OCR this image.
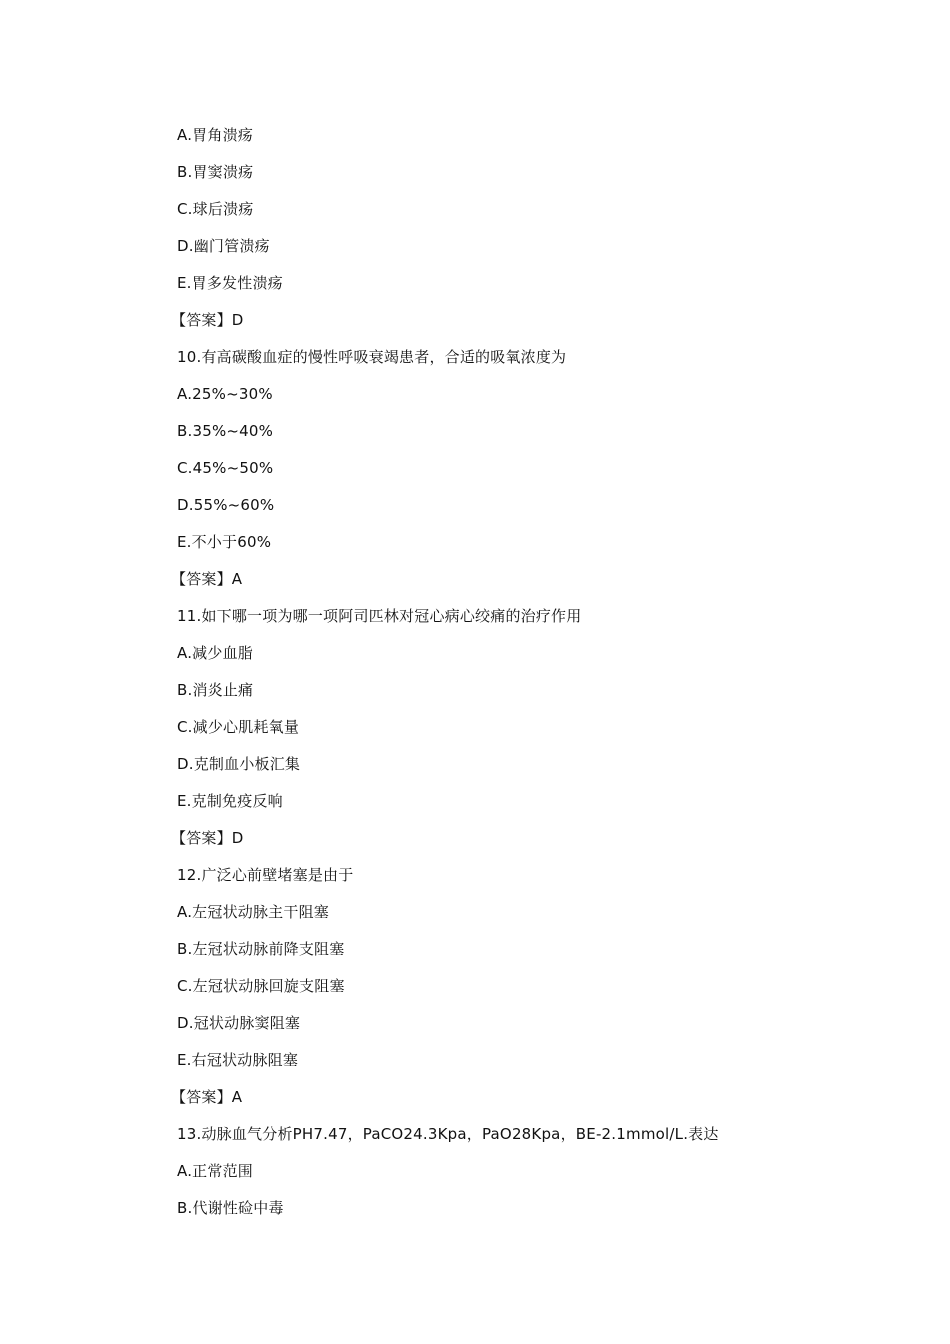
A.胃角溃疡
B.胃窦溃疡
C.球后溃疡
D.幽门管溃疡
E.胃多发性溃疡
【答案】D
10.有高碳酸血症的慢性呼吸衰竭患者，合适的吸氧浓度为
A.25%~30%
B.35%~40%
C.45%~50%
D.55%~60%
E.不小于60%
【答案】A
11.如下哪一项为哪一项阿司匹林对冠心病心绞痛的治疗作用
A.减少血脂
B.消炎止痛
C.减少心肌耗氧量
D.克制血小板汇集
E.克制免疫反响
【答案】D
12.广泛心前壁堵塞是由于
A.左冠状动脉主干阻塞
B.左冠状动脉前降支阻塞
C.左冠状动脉回旋支阻塞
D.冠状动脉窦阻塞
E.右冠状动脉阻塞
【答案】A
13.动脉血气分析PH7.47，PaCO24.3Kpa，PaO28Kpa，BE-2.1mmol/L.表达
A.正常范围
B.代谢性硷中毒
